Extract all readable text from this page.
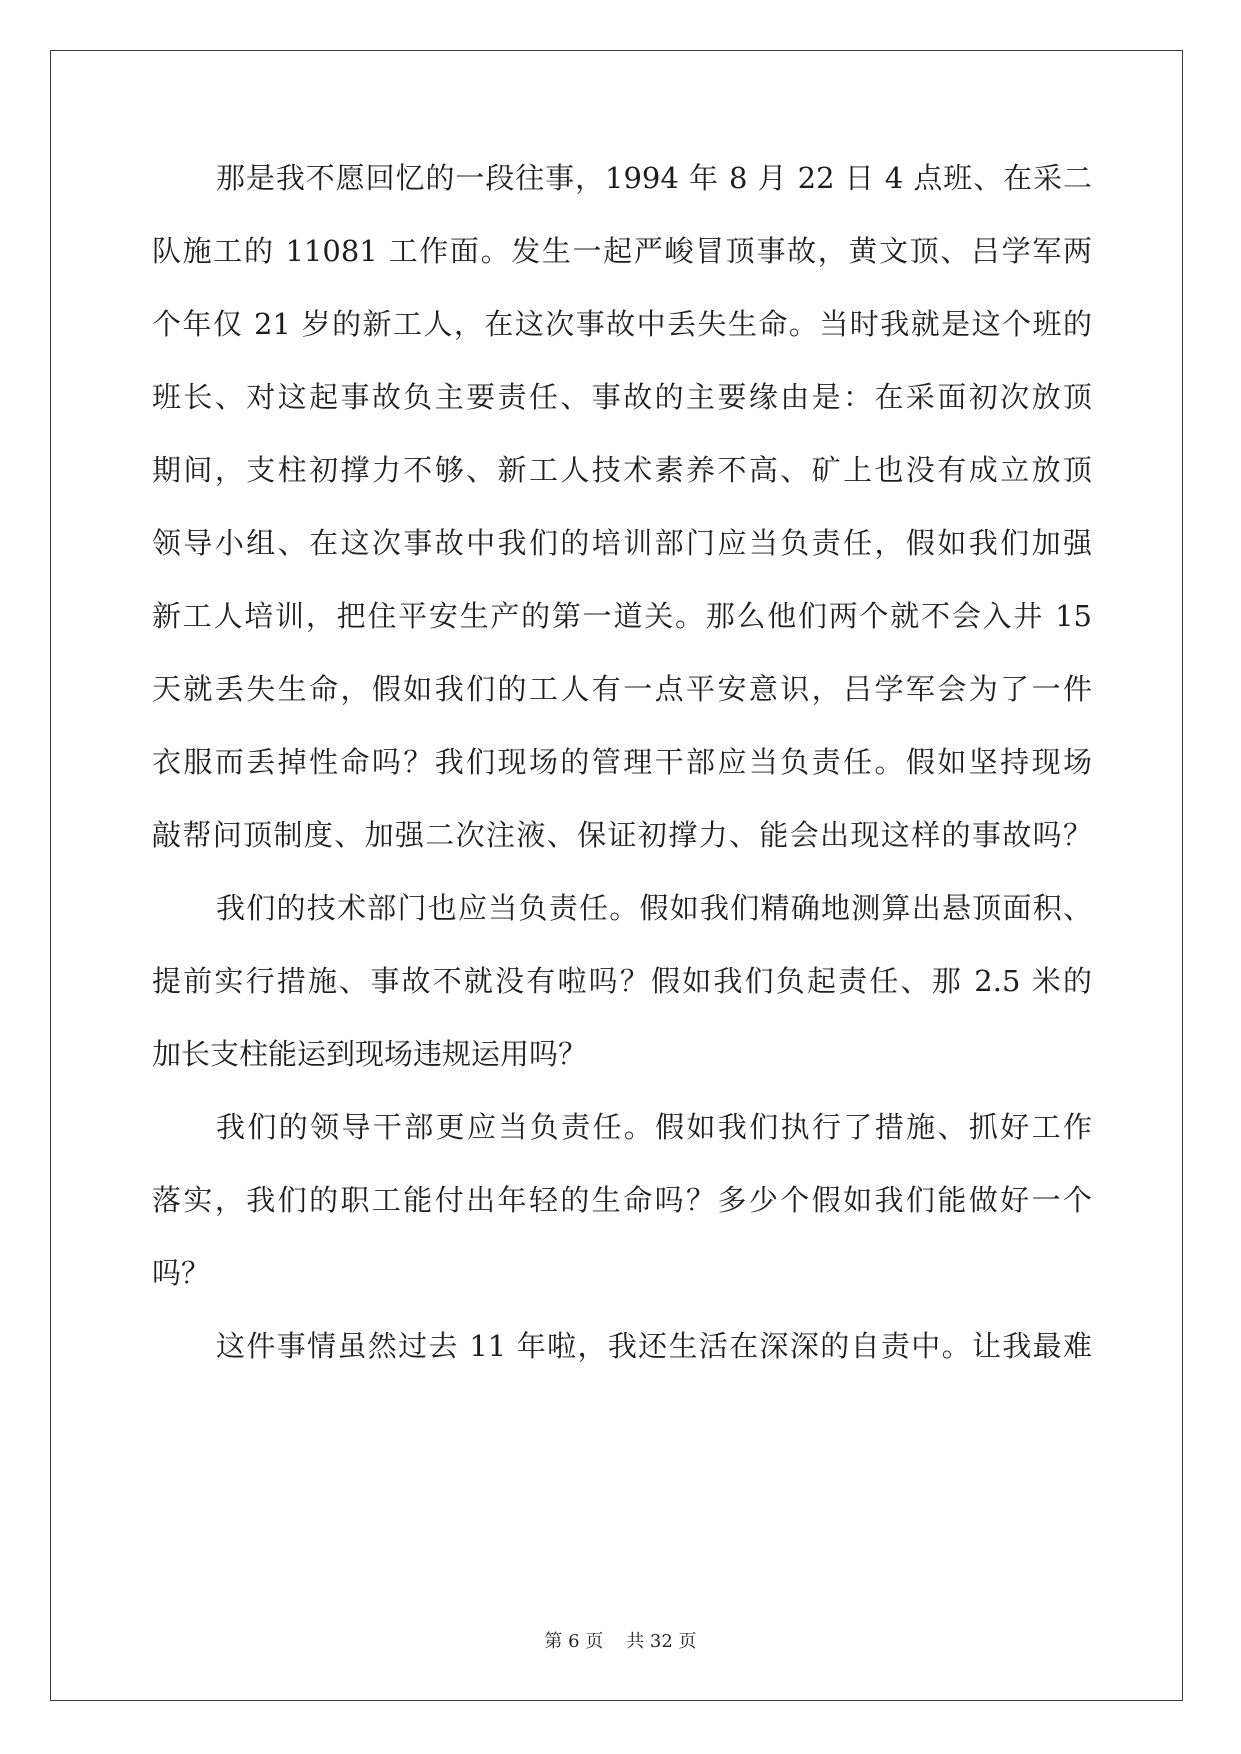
那是我不愿回忆的一段往事，1994 年 8 月 22 日 4 点班、在采二
队施工的 11081 工作面。发生一起严峻冒顶事故，黄文顶、吕学军两
个年仅 21 岁的新工人，在这次事故中丢失生命。当时我就是这个班的
班长、对这起事故负主要责任、事故的主要缘由是：在采面初次放顶
期间，支柱初撑力不够、新工人技术素养不高、矿上也没有成立放顶
领导小组、在这次事故中我们的培训部门应当负责任，假如我们加强
新工人培训，把住平安生产的第一道关。那么他们两个就不会入井 15
天就丢失生命，假如我们的工人有一点平安意识，吕学军会为了一件
衣服而丢掉性命吗？我们现场的管理干部应当负责任。假如坚持现场
敲帮问顶制度、加强二次注液、保证初撑力、能会出现这样的事故吗？
我们的技术部门也应当负责任。假如我们精确地测算出悬顶面积、
提前实行措施、事故不就没有啦吗？假如我们负起责任、那 2.5 米的
加长支柱能运到现场违规运用吗？
我们的领导干部更应当负责任。假如我们执行了措施、抓好工作
落实，我们的职工能付出年轻的生命吗？多少个假如我们能做好一个
吗？
这件事情虽然过去 11 年啦，我还生活在深深的自责中。让我最难
第 6 页    共 32 页
